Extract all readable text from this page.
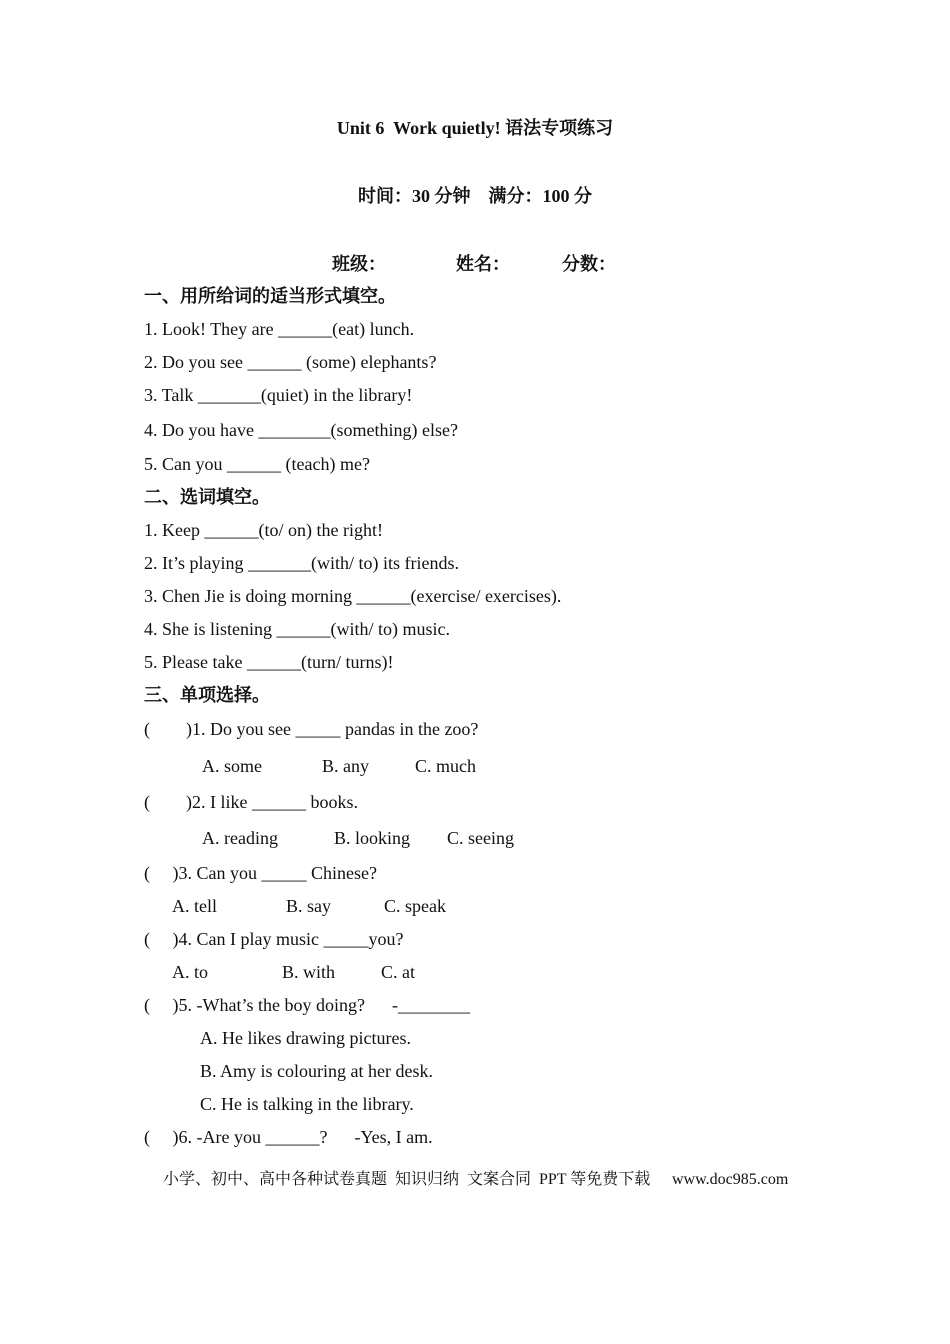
Unit 6  Work quietly! 语法专项练习
时间：30 分钟    满分：100 分
班级：	姓名：	分数：
一、用所给词的适当形式填空。
1. Look! They are ______(eat) lunch.
2. Do you see ______ (some) elephants?
3. Talk _______(quiet) in the library!
4. Do you have ________(something) else?
5. Can you ______ (teach) me?
二、选词填空。
1. Keep ______(to/ on) the right!
2. It’s playing _______(with/ to) its friends.
3. Chen Jie is doing morning ______(exercise/ exercises).
4. She is listening ______(with/ to) music.
5. Please take ______(turn/ turns)!
三、单项选择。
(        )1. Do you see _____ pandas in the zoo?
A. some	B. any	C. much
(        )2. I like ______ books.
A. reading	B. looking C. seeing
(     )3. Can you _____ Chinese?
A. tell	B. say	C. speak
(     )4. Can I play music _____you?
A. to	B. with	C. at
(     )5. -What’s the boy doing?      -________
A. He likes drawing pictures.
B. Amy is colouring at her desk.
C. He is talking in the library.
(     )6. -Are you ______?      -Yes, I am.
小学、初中、高中各种试卷真题  知识归纳  文案合同  PPT 等免费下载 www.doc985.com
